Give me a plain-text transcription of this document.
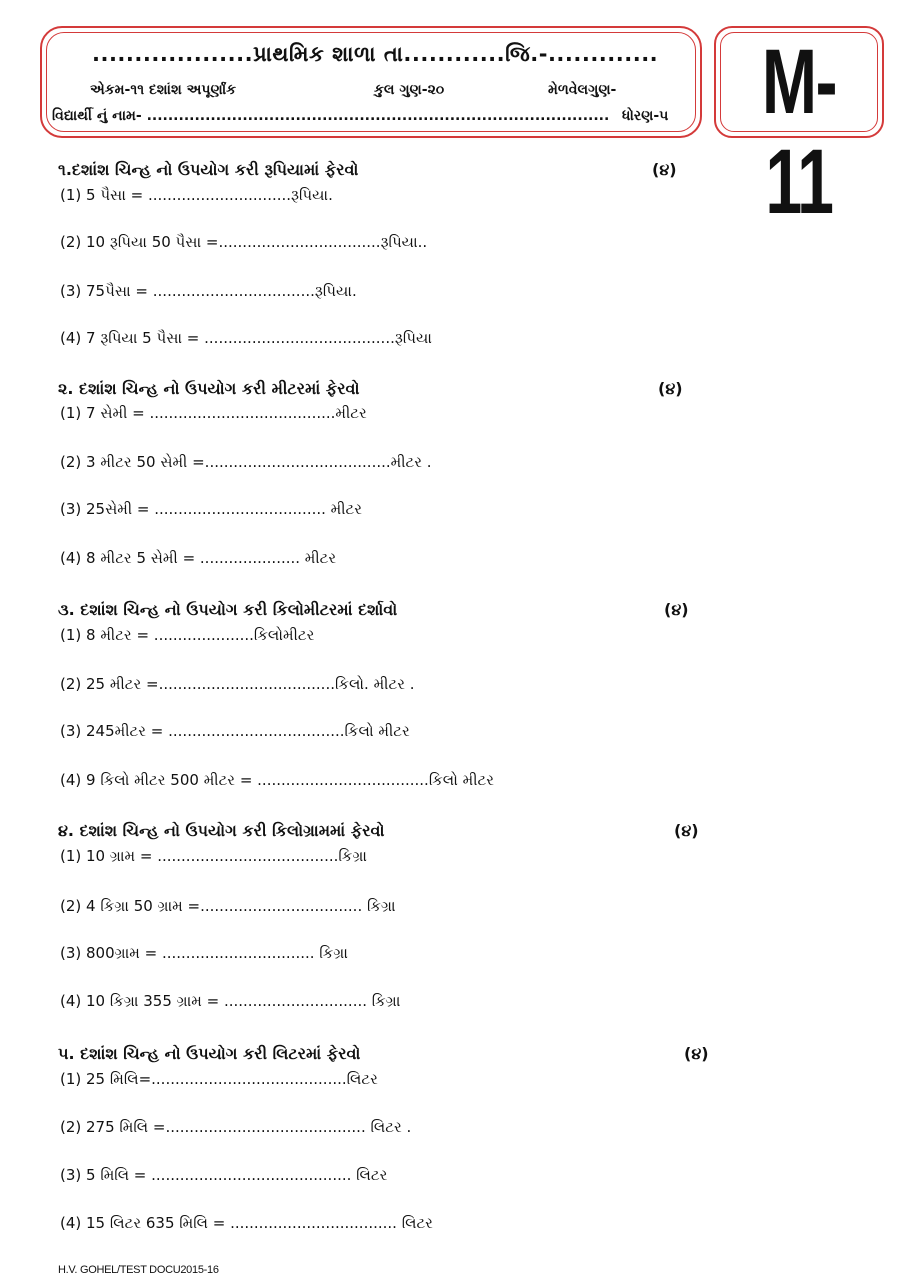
...................પ્રાથમિક શાળા તા............જિ.-.............
એકમ-૧૧ દશાંશ અપૂર્ણાંક	કુલ ગુણ-૨૦	મેળવેલગુણ-
વિદ્યાર્થી નું નામ- ....................................................................................... ધોરણ-૫ M-11
૧.દશાંશ ચિન્હ નો ઉપયોગ કરી રૂપિયામાં ફેરવો	(૪)
(1) 5 પૈસા = ..............................રૂપિયા.
(2) 10 રૂપિયા 50 પૈસા =..................................રૂપિયા..
(3) 75પૈસા = ..................................રૂપિયા.
(4) 7 રૂપિયા 5 પૈસા = ........................................રૂપિયા
૨. દશાંશ ચિન્હ નો ઉપયોગ કરી મીટરમાં ફેરવો	(૪)
(1) 7 સેમી = .......................................મીટર
(2) 3 મીટર 50 સેમી =.......................................મીટર .
(3) 25સેમી = .................................... મીટર
(4) 8 મીટર 5 સેમી = ..................... મીટર
૩. દશાંશ ચિન્હ નો ઉપયોગ કરી કિલોમીટરમાં દર્શાવો	(૪)
(1) 8 મીટર = .....................કિલોમીટર
(2) 25 મીટર =.....................................કિલો. મીટર .
(3) 245મીટર = .....................................કિલો મીટર
(4) 9 કિલો મીટર 500 મીટર = ....................................કિલો મીટર
૪. દશાંશ ચિન્હ નો ઉપયોગ કરી કિલોગ્રામમાં ફેરવો	(૪)
(1) 10 ગ્રામ = ......................................કિગ્રા
(2) 4 કિગ્રા 50 ગ્રામ =.................................. કિગ્રા
(3) 800ગ્રામ = ................................ કિગ્રા
(4) 10 કિગ્રા 355 ગ્રામ = .............................. કિગ્રા
૫. દશાંશ ચિન્હ નો ઉપયોગ કરી લિટરમાં ફેરવો	(૪)
(1) 25 મિલિ=.........................................લિટર
(2) 275 મિલિ =.......................................... લિટર .
(3) 5 મિલિ = .......................................... લિટર
(4) 15 લિટર 635 મિલિ = ................................... લિટર
H.V. GOHEL/TEST DOCU2015-16
